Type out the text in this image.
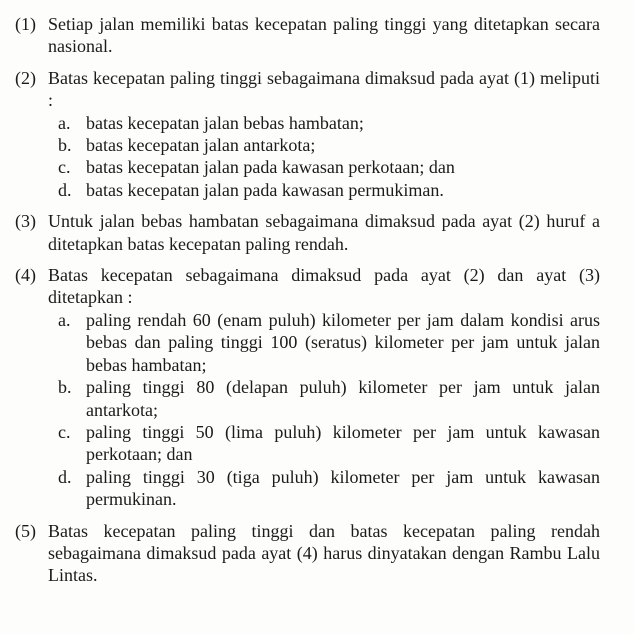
(1) Setiap jalan memiliki batas kecepatan paling tinggi yang ditetapkan secara nasional.
(2) Batas kecepatan paling tinggi sebagaimana dimaksud pada ayat (1) meliputi :
a. batas kecepatan jalan bebas hambatan;
b. batas kecepatan jalan antarkota;
c. batas kecepatan jalan pada kawasan perkotaan; dan
d. batas kecepatan jalan pada kawasan permukiman.
(3) Untuk jalan bebas hambatan sebagaimana dimaksud pada ayat (2) huruf a ditetapkan batas kecepatan paling rendah.
(4) Batas kecepatan sebagaimana dimaksud pada ayat (2) dan ayat (3) ditetapkan :
a. paling rendah 60 (enam puluh) kilometer per jam dalam kondisi arus bebas dan paling tinggi 100 (seratus) kilometer per jam untuk jalan bebas hambatan;
b. paling tinggi 80 (delapan puluh) kilometer per jam untuk jalan antarkota;
c. paling tinggi 50 (lima puluh) kilometer per jam untuk kawasan perkotaan; dan
d. paling tinggi 30 (tiga puluh) kilometer per jam untuk kawasan permukinan.
(5) Batas kecepatan paling tinggi dan batas kecepatan paling rendah sebagaimana dimaksud pada ayat (4) harus dinyatakan dengan Rambu Lalu Lintas.
